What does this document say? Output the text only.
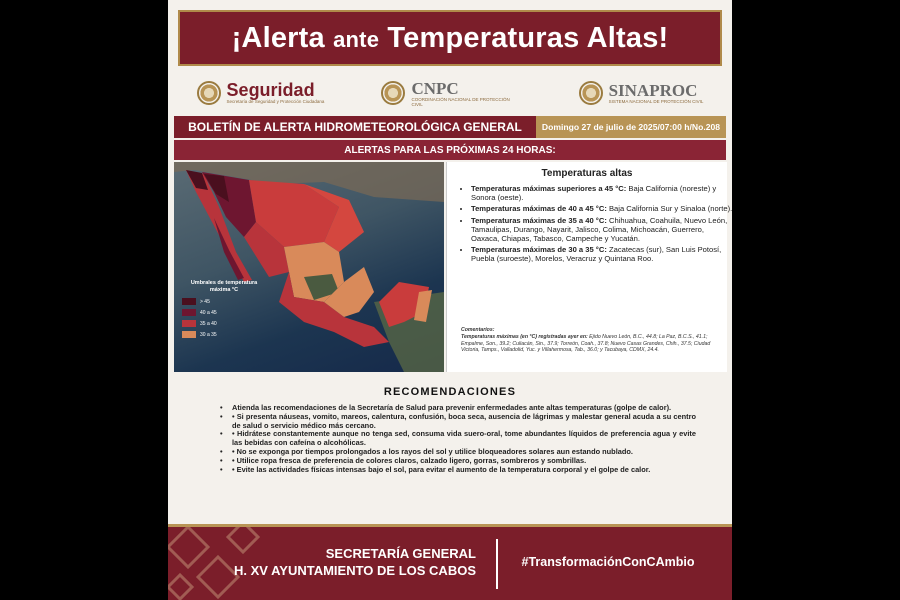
¡Alerta ante Temperaturas Altas!
Seguridad
Secretaría de Seguridad y Protección Ciudadana
CNPC
COORDINACIÓN NACIONAL DE PROTECCIÓN CIVIL
SINAPROC
SISTEMA NACIONAL DE PROTECCIÓN CIVIL
BOLETÍN DE ALERTA HIDROMETEOROLÓGICA GENERAL	Domingo 27 de julio de 2025/07:00 h/No.208
ALERTAS PARA LAS PRÓXIMAS 24 HORAS:
Umbrales de temperatura máxima °C
> 45
40 a 45
35 a 40
30 a 35
Temperaturas altas
• Temperaturas máximas superiores a 45 °C: Baja California (noreste) y Sonora (oeste).
• Temperaturas máximas de 40 a 45 °C: Baja California Sur y Sinaloa (norte).
• Temperaturas máximas de 35 a 40 °C: Chihuahua, Coahuila, Nuevo León, Tamaulipas, Durango, Nayarit, Jalisco, Colima, Michoacán, Guerrero, Oaxaca, Chiapas, Tabasco, Campeche y Yucatán.
• Temperaturas máximas de 30 a 35 °C: Zacatecas (sur), San Luis Potosí, Puebla (suroeste), Morelos, Veracruz y Quintana Roo.
Comentarios:
Temperaturas máximas (en °C) registradas ayer en: Ejido Nuevo León, B.C., 44.8; La Paz, B.C.S., 41.1; Empalme, Son., 39.2; Culiacán, Sin., 37.9; Torreón, Coah., 37.8; Nuevo Casas Grandes, Chih., 37.5; Ciudad Victoria, Tamps., Valladolid, Yuc. y Villahermosa, Tab., 36.0; y Tacubaya, CDMX, 24.4.
RECOMENDACIONES
• Atienda las recomendaciones de la Secretaría de Salud para prevenir enfermedades ante altas temperaturas (golpe de calor).
• • Si presenta náuseas, vomito, mareos, calentura, confusión, boca seca, ausencia de lágrimas y malestar general acuda a su centro de salud o servicio médico más cercano.
• • Hidrátese constantemente aunque no tenga sed, consuma vida suero-oral, tome abundantes líquidos de preferencia agua y evite las bebidas con cafeína o alcohólicas.
• • No se exponga por tiempos prolongados a los rayos del sol y utilice bloqueadores solares aun estando nublado.
• • Utilice ropa fresca de preferencia de colores claros, calzado ligero, gorras, sombreros y sombrillas.
• • Evite las actividades físicas intensas bajo el sol, para evitar el aumento de la temperatura corporal y el golpe de calor.
SECRETARÍA GENERAL
H. XV AYUNTAMIENTO DE LOS CABOS
#TransformaciónConCAmbio
